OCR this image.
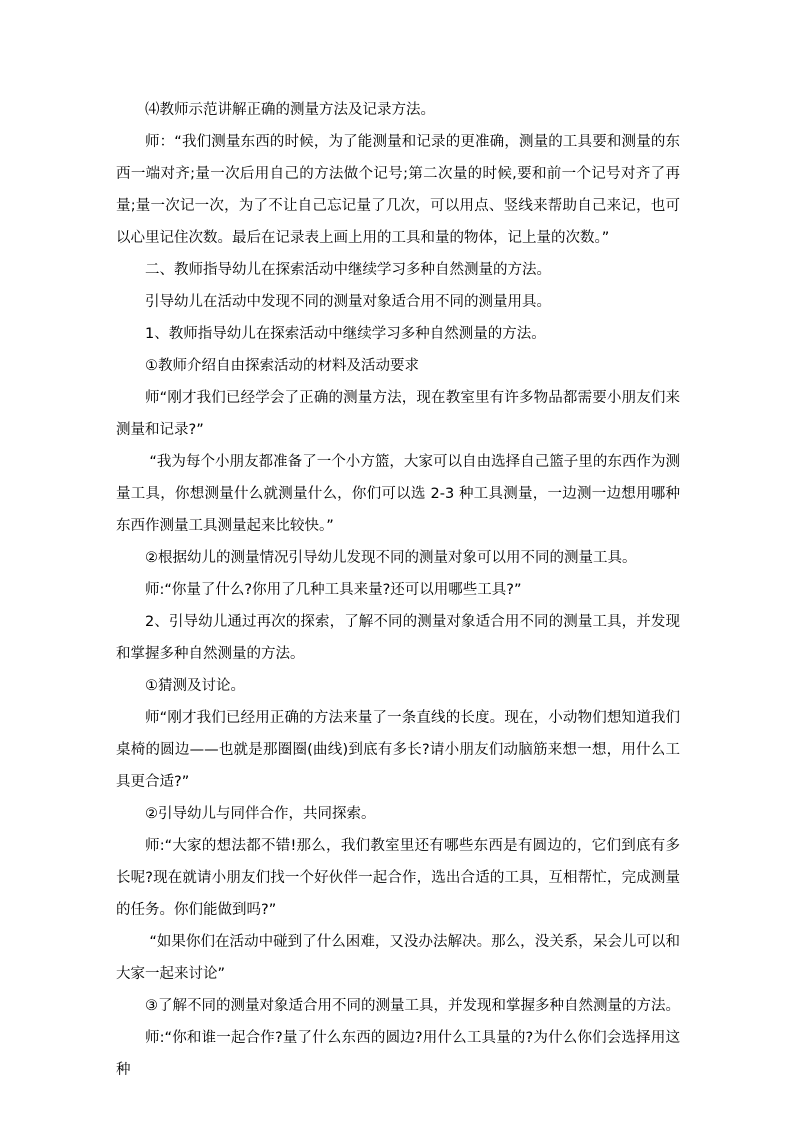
⑷教师示范讲解正确的测量方法及记录方法。

师：“我们测量东西的时候，为了能测量和记录的更准确，测量的工具要和测量的东西一端对齐;量一次后用自己的方法做个记号;第二次量的时候,要和前一个记号对齐了再量;量一次记一次，为了不让自己忘记量了几次，可以用点、竖线来帮助自己来记，也可以心里记住次数。最后在记录表上画上用的工具和量的物体，记上量的次数。”

二、教师指导幼儿在探索活动中继续学习多种自然测量的方法。

引导幼儿在活动中发现不同的测量对象适合用不同的测量用具。

1、教师指导幼儿在探索活动中继续学习多种自然测量的方法。

①教师介绍自由探索活动的材料及活动要求

师“刚才我们已经学会了正确的测量方法，现在教室里有许多物品都需要小朋友们来测量和记录?”

“我为每个小朋友都准备了一个小方篮，大家可以自由选择自己篮子里的东西作为测量工具，你想测量什么就测量什么，你们可以选 2-3 种工具测量，一边测一边想用哪种东西作测量工具测量起来比较快。”

②根据幼儿的测量情况引导幼儿发现不同的测量对象可以用不同的测量工具。

师:“你量了什么?你用了几种工具来量?还可以用哪些工具?”

2、引导幼儿通过再次的探索，了解不同的测量对象适合用不同的测量工具，并发现和掌握多种自然测量的方法。

①猜测及讨论。

师“刚才我们已经用正确的方法来量了一条直线的长度。现在，小动物们想知道我们桌椅的圆边——也就是那圈圈(曲线)到底有多长?请小朋友们动脑筋来想一想，用什么工具更合适?”

②引导幼儿与同伴合作，共同探索。

师:“大家的想法都不错!那么，我们教室里还有哪些东西是有圆边的，它们到底有多长呢?现在就请小朋友们找一个好伙伴一起合作，选出合适的工具，互相帮忙，完成测量的任务。你们能做到吗?”

“如果你们在活动中碰到了什么困难，又没办法解决。那么，没关系，呆会儿可以和大家一起来讨论”

③了解不同的测量对象适合用不同的测量工具，并发现和掌握多种自然测量的方法。

师:“你和谁一起合作?量了什么东西的圆边?用什么工具量的?为什么你们会选择用这种
